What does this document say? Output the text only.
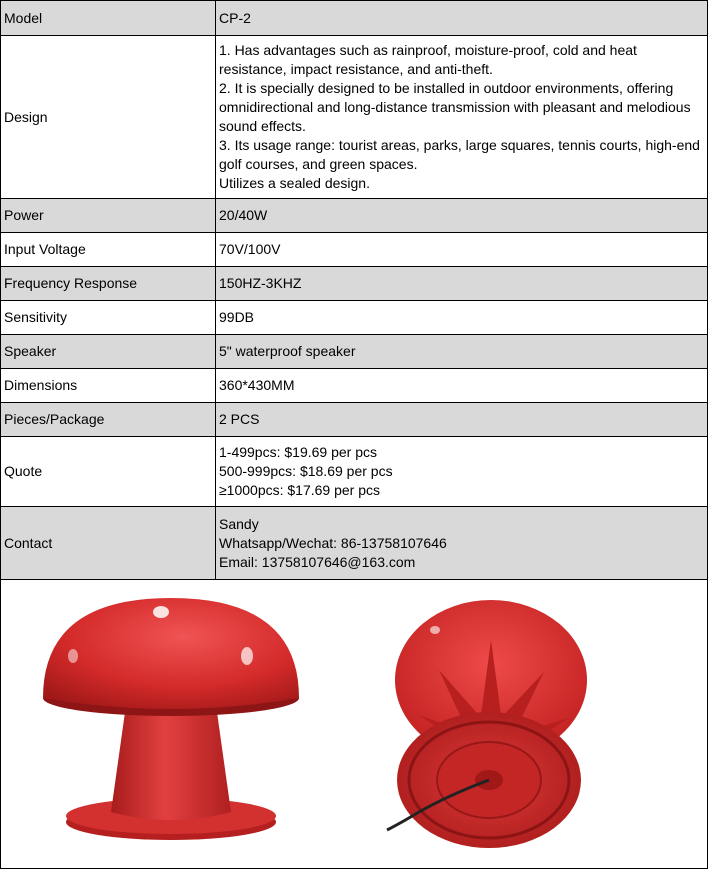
Model	CP-2
Design	1. Has advantages such as rainproof, moisture-proof, cold and heat resistance, impact resistance, and anti-theft.
2. It is specially designed to be installed in outdoor environments, offering omnidirectional and long-distance transmission with pleasant and melodious sound effects.
3. Its usage range: tourist areas, parks, large squares, tennis courts, high-end golf courses, and green spaces.
Utilizes a sealed design.
Power	20/40W
Input Voltage	70V/100V
Frequency Response	150HZ-3KHZ
Sensitivity	99DB
Speaker	5" waterproof speaker
Dimensions	360*430MM
Pieces/Package	2 PCS
Quote	1-499pcs: $19.69 per pcs
500-999pcs: $18.69 per pcs
≥1000pcs: $17.69 per pcs
Contact	Sandy
Whatsapp/Wechat: 86-13758107646
Email: 13758107646@163.com
